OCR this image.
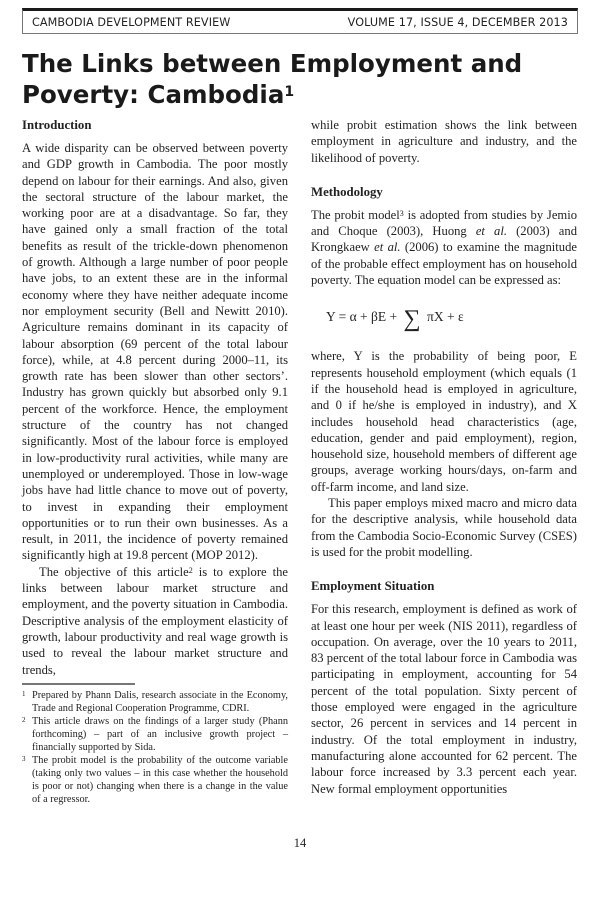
CAMBODIA DEVELOPMENT REVIEW	VOLUME 17, ISSUE 4, DECEMBER 2013
The Links between Employment and Poverty: Cambodia$^1$
Introduction

A wide disparity can be observed between poverty and GDP growth in Cambodia. The poor mostly depend on labour for their earnings. And also, given the sectoral structure of the labour market, the working poor are at a disadvantage. So far, they have gained only a small fraction of the total benefits as result of the trickle-down phenomenon of growth. Although a large number of poor people have jobs, to an extent these are in the informal economy where they have neither adequate income nor employment security (Bell and Newitt 2010). Agriculture remains dominant in its capacity of labour absorption (69 percent of the total labour force), while, at 4.8 percent during 2000–11, its growth rate has been slower than other sectors’. Industry has grown quickly but absorbed only 9.1 percent of the workforce. Hence, the employment structure of the country has not changed significantly. Most of the labour force is employed in low-productivity rural activities, while many are unemployed or underemployed. Those in low-wage jobs have had little chance to move out of poverty, to invest in expanding their employment opportunities or to run their own businesses. As a result, in 2011, the incidence of poverty remained significantly high at 19.8 percent (MOP 2012).

The objective of this article$^2$ is to explore the links between labour market structure and employment, and the poverty situation in Cambodia. Descriptive analysis of the employment elasticity of growth, labour productivity and real wage growth is used to reveal the labour market structure and trends,

while probit estimation shows the link between employment in agriculture and industry, and the likelihood of poverty.

Methodology

The probit model$^3$ is adopted from studies by Jemio and Choque (2003), Huong et al. (2003) and Krongkaew et al. (2006) to examine the magnitude of the probable effect employment has on household poverty. The equation model can be expressed as:

Y = α + βE + ∑ πX + ε

where, Y is the probability of being poor, E represents household employment (which equals (1 if the household head is employed in agriculture, and 0 if he/she is employed in industry), and X includes household head characteristics (age, education, gender and paid employment), region, household size, household members of different age groups, average working hours/days, on-farm and off-farm income, and land size.

This paper employs mixed macro and micro data for the descriptive analysis, while household data from the Cambodia Socio-Economic Survey (CSES) is used for the probit modelling.

Employment Situation

For this research, employment is defined as work of at least one hour per week (NIS 2011), regardless of occupation. On average, over the 10 years to 2011, 83 percent of the total labour force in Cambodia was participating in employment, accounting for 54 percent of the total population. Sixty percent of those employed were engaged in the agriculture sector, 26 percent in services and 14 percent in industry. Of the total employment in industry, manufacturing alone accounted for 62 percent. The labour force increased by 3.3 percent each year. New formal employment opportunities

1 Prepared by Phann Dalis, research associate in the Economy, Trade and Regional Cooperation Programme, CDRI.
2 This article draws on the findings of a larger study (Phann forthcoming) – part of an inclusive growth project – financially supported by Sida.
3 The probit model is the probability of the outcome variable (taking only two values – in this case whether the household is poor or not) changing when there is a change in the value of a regressor.
14
